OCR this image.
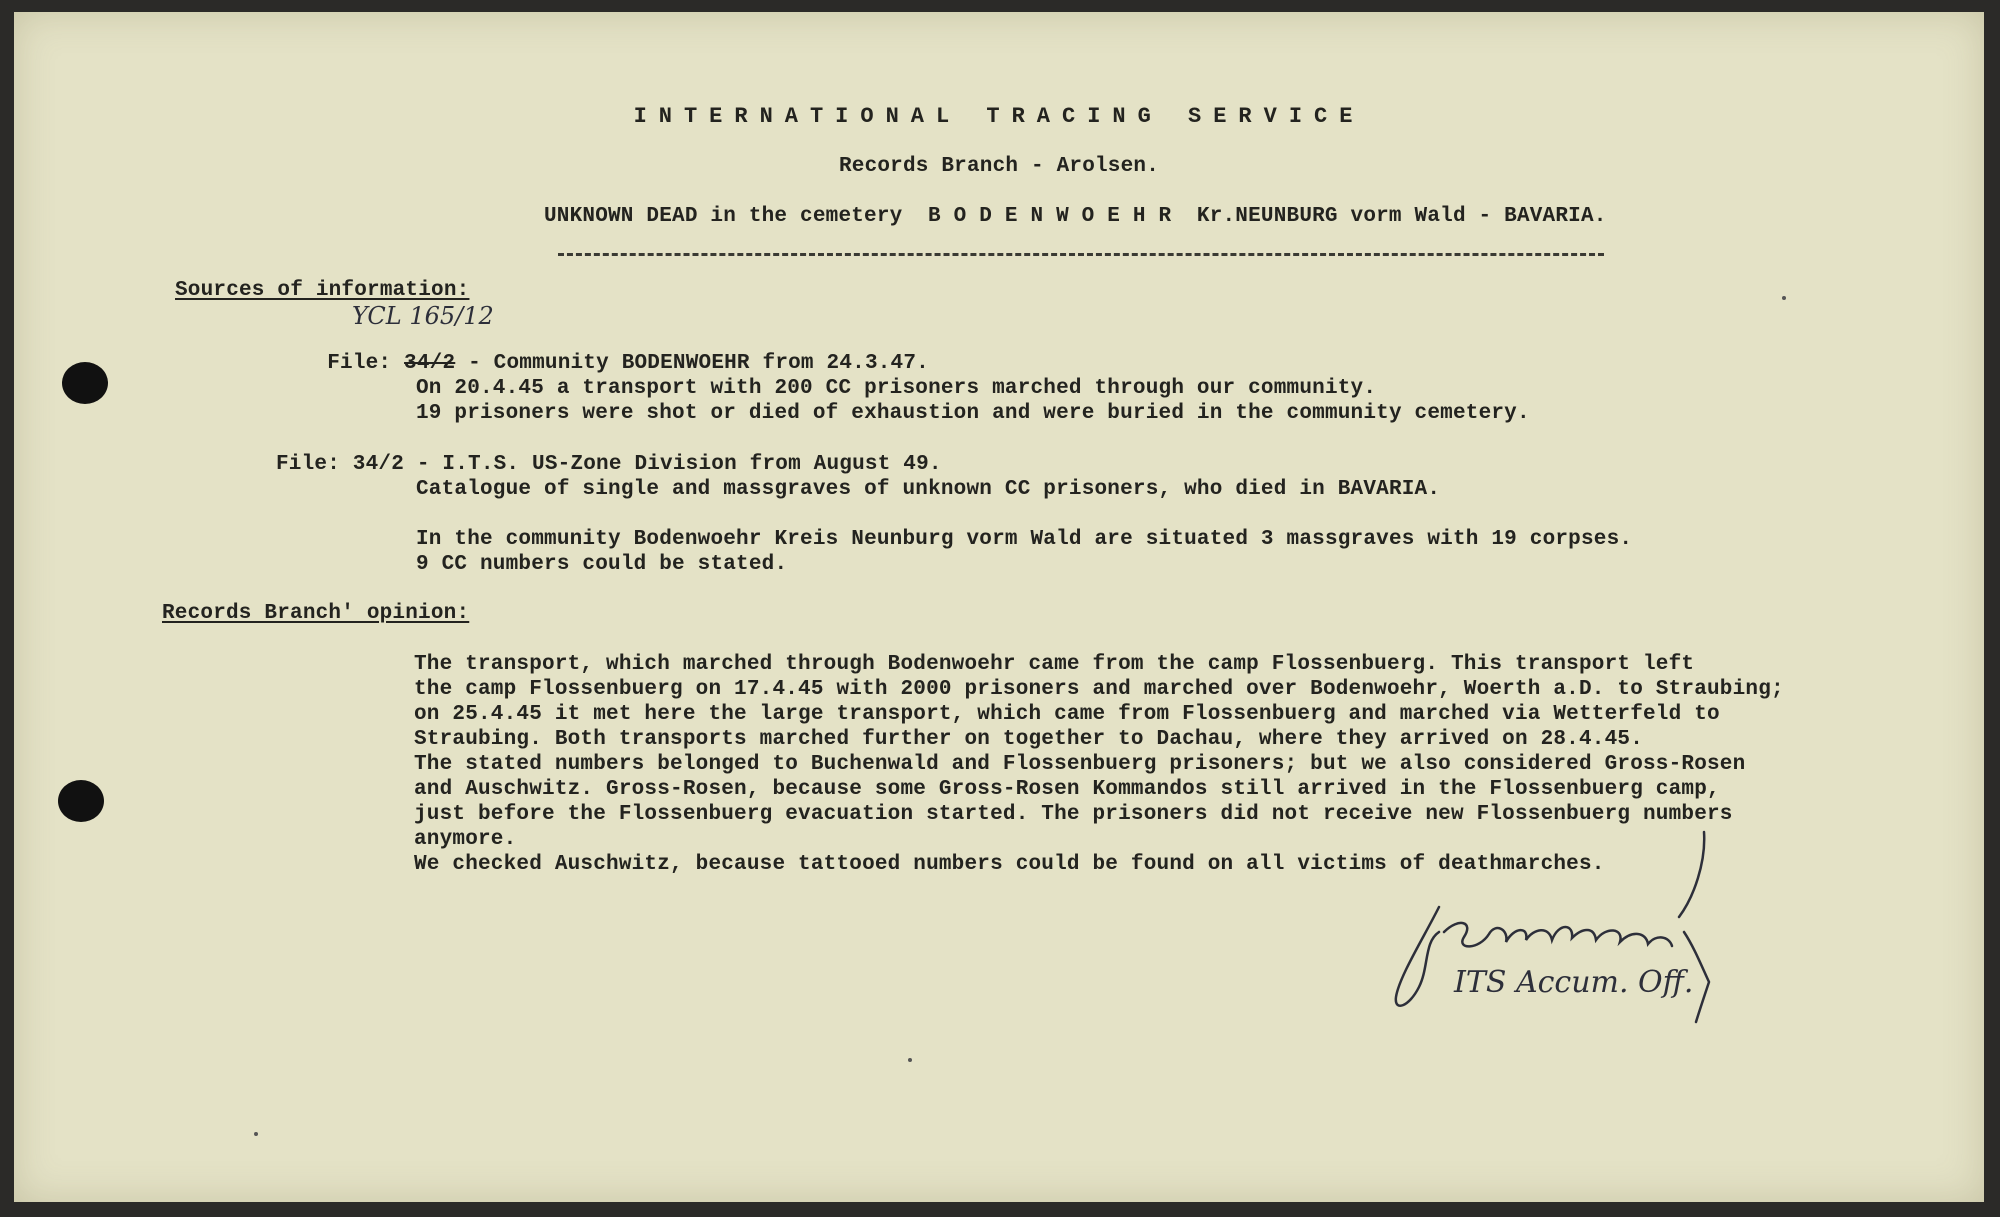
INTERNATIONAL TRACING SERVICE
Records Branch - Arolsen.
UNKNOWN DEAD in the cemetery  B O D E N W O E H R  Kr.NEUNBURG vorm Wald - BAVARIA.
Sources of information:
YCL 165/12

File: 34/2 - Community BODENWOEHR from 24.3.47.

On 20.4.45 a transport with 200 CC prisoners marched through our community.
19 prisoners were shot or died of exhaustion and were buried in the community cemetery.
File: 34/2 - I.T.S. US-Zone Division from August 49.
Catalogue of single and massgraves of unknown CC prisoners, who died in BAVARIA.
In the community Bodenwoehr Kreis Neunburg vorm Wald are situated 3 massgraves with 19 corpses.
9 CC numbers could be stated.
Records Branch' opinion:
The transport, which marched through Bodenwoehr came from the camp Flossenbuerg. This transport left
the camp Flossenbuerg on 17.4.45 with 2000 prisoners and marched over Bodenwoehr, Woerth a.D. to Straubing;
on 25.4.45 it met here the large transport, which came from Flossenbuerg and marched via Wetterfeld to
Straubing. Both transports marched further on together to Dachau, where they arrived on 28.4.45.
The stated numbers belonged to Buchenwald and Flossenbuerg prisoners; but we also considered Gross-Rosen
and Auschwitz. Gross-Rosen, because some Gross-Rosen Kommandos still arrived in the Flossenbuerg camp,
just before the Flossenbuerg evacuation started. The prisoners did not receive new Flossenbuerg numbers
anymore.
We checked Auschwitz, because tattooed numbers could be found on all victims of deathmarches.
ITS Accum. Off.
